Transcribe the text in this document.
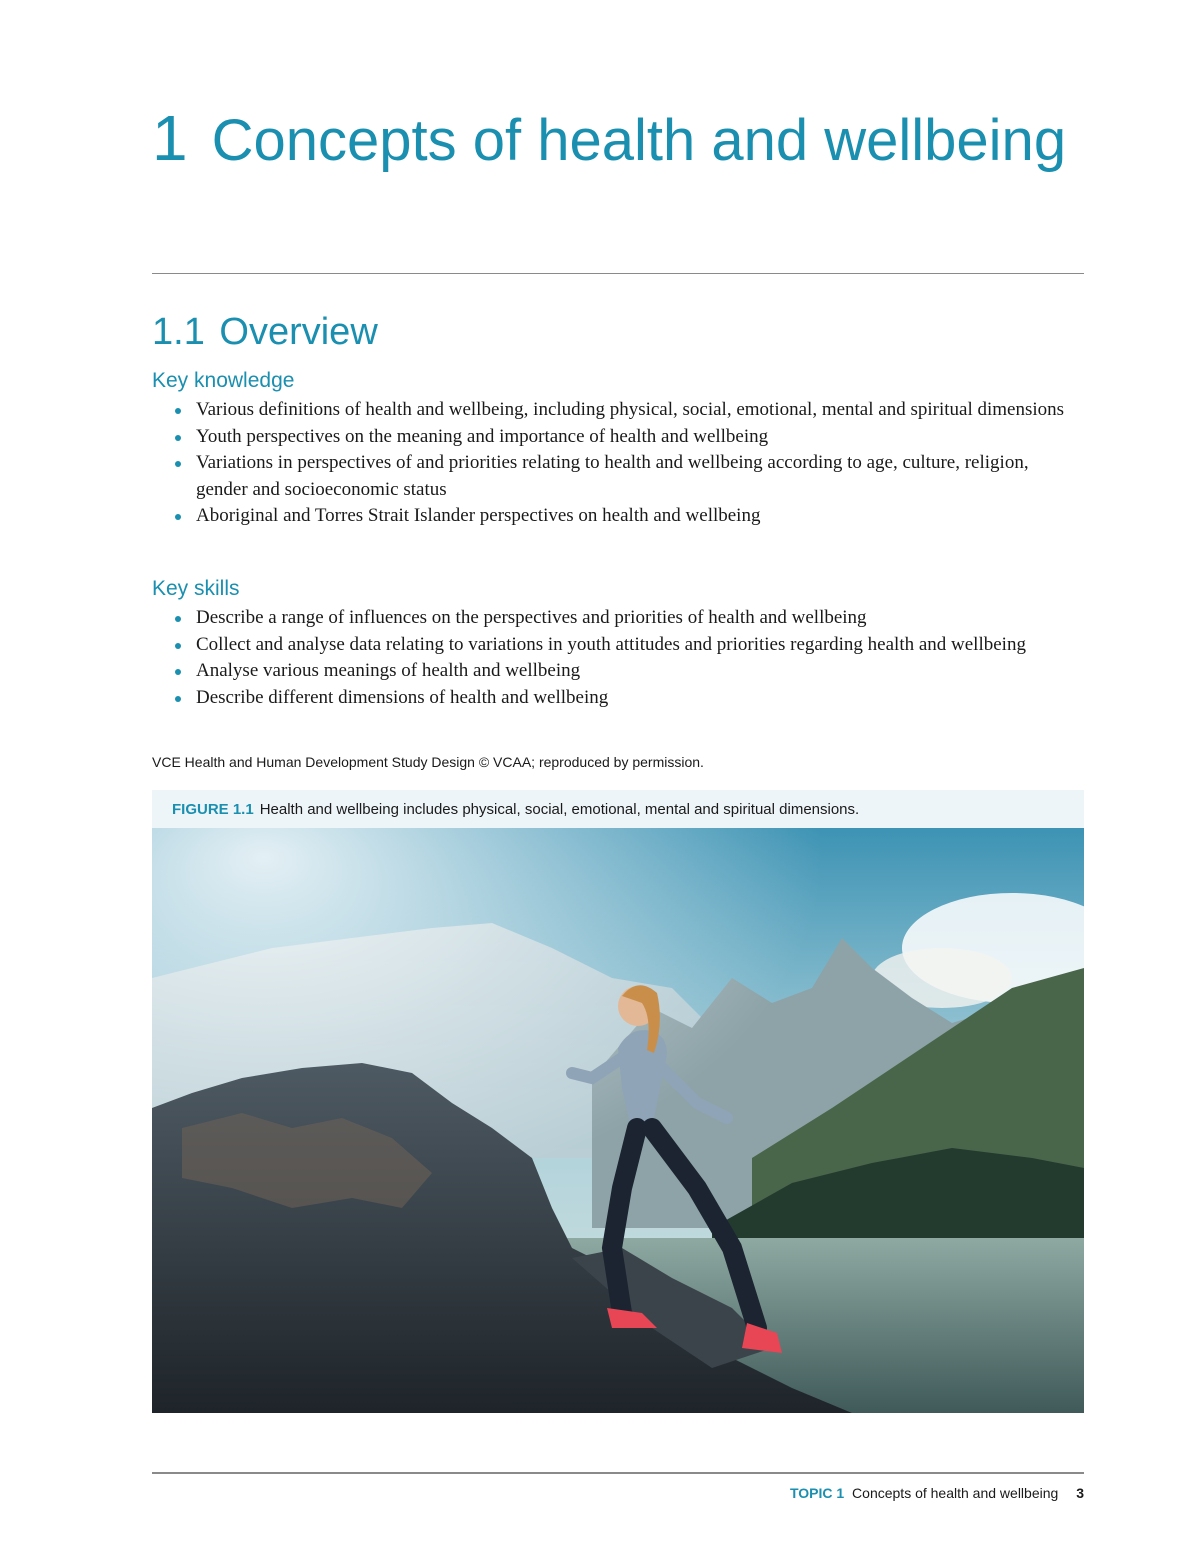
1 Concepts of health and wellbeing
1.1 Overview
Key knowledge
Various definitions of health and wellbeing, including physical, social, emotional, mental and spiritual dimensions
Youth perspectives on the meaning and importance of health and wellbeing
Variations in perspectives of and priorities relating to health and wellbeing according to age, culture, religion, gender and socioeconomic status
Aboriginal and Torres Strait Islander perspectives on health and wellbeing
Key skills
Describe a range of influences on the perspectives and priorities of health and wellbeing
Collect and analyse data relating to variations in youth attitudes and priorities regarding health and wellbeing
Analyse various meanings of health and wellbeing
Describe different dimensions of health and wellbeing
VCE Health and Human Development Study Design © VCAA; reproduced by permission.
FIGURE 1.1 Health and wellbeing includes physical, social, emotional, mental and spiritual dimensions.
TOPIC 1 Concepts of health and wellbeing 3
